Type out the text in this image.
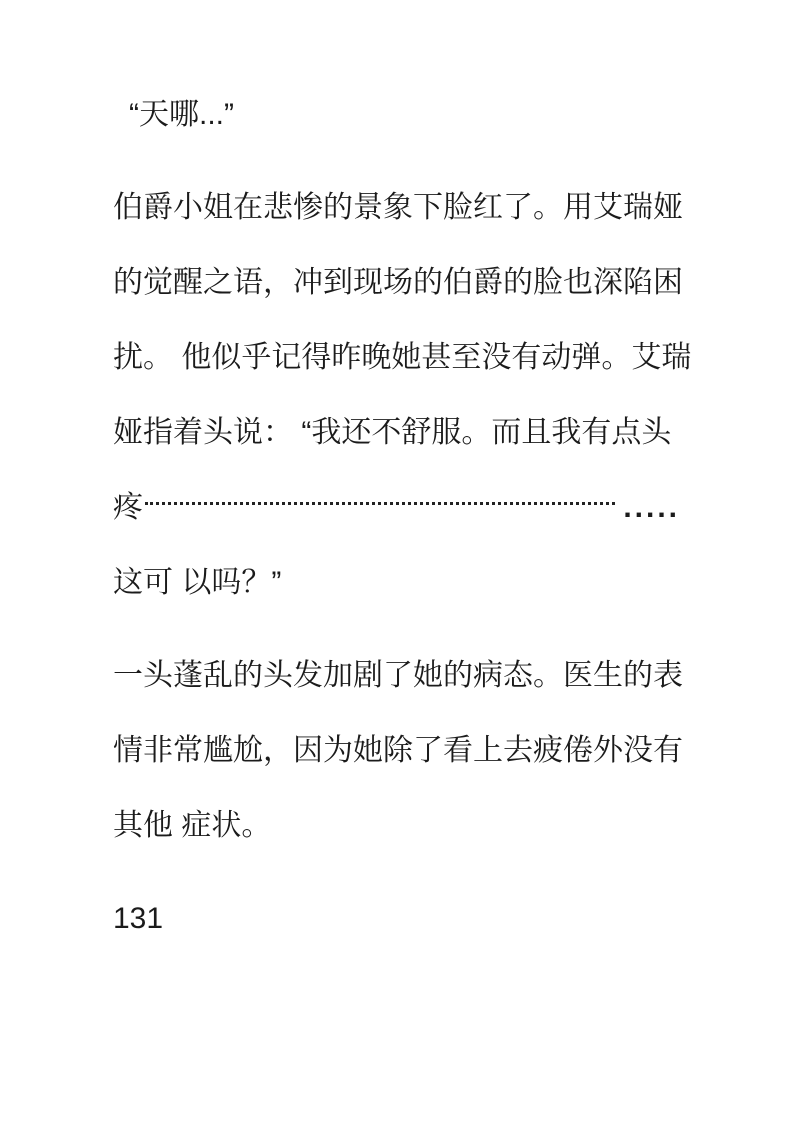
“天哪...”
伯爵小姐在悲惨的景象下脸红了。用艾瑞娅
的觉醒之语，冲到现场的伯爵的脸也深陷困
扰。 他似乎记得昨晚她甚至没有动弹。艾瑞
娅指着头说： “我还不舒服。而且我有点头
疼	.....
这可 以吗？”
一头蓬乱的头发加剧了她的病态。医生的表
情非常尴尬，因为她除了看上去疲倦外没有
其他 症状。
131
